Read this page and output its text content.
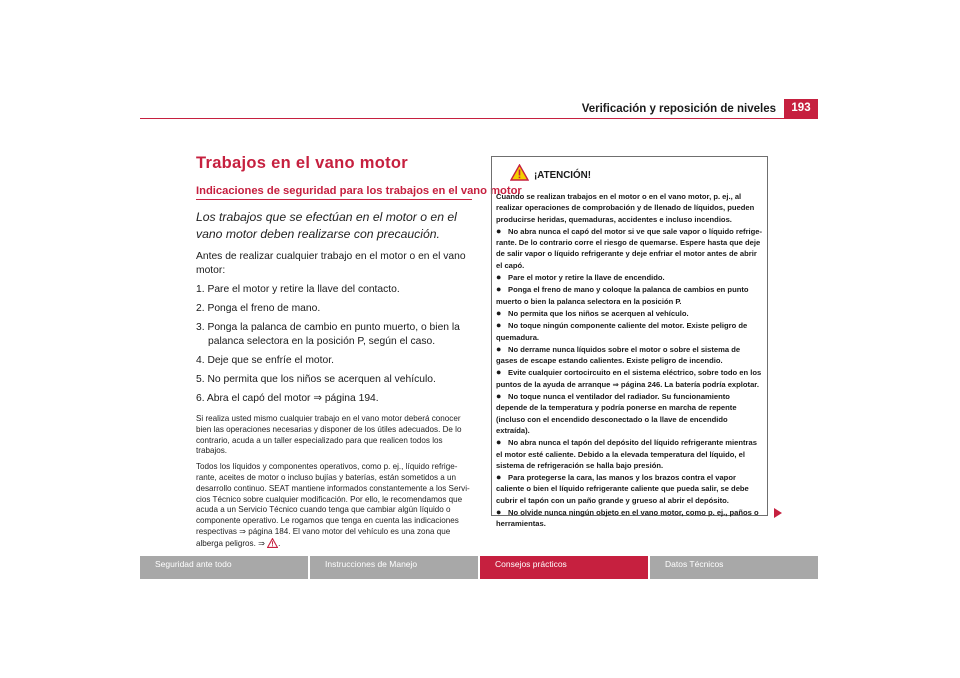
Verificación y reposición de niveles	193
Trabajos en el vano motor
Indicaciones de seguridad para los trabajos en el vano motor
Los trabajos que se efectúan en el motor o en el vano motor deben realizarse con precaución.
Antes de realizar cualquier trabajo en el motor o en el vano motor:
1. Pare el motor y retire la llave del contacto.
2. Ponga el freno de mano.
3. Ponga la palanca de cambio en punto muerto, o bien la palanca selectora en la posición P, según el caso.
4. Deje que se enfríe el motor.
5. No permita que los niños se acerquen al vehículo.
6. Abra el capó del motor ⇒ página 194.

Si realiza usted mismo cualquier trabajo en el vano motor deberá conocer bien las operaciones necesarias y disponer de los útiles adecuados. De lo contrario, acuda a un taller especializado para que realicen todos los trabajos.

Todos los líquidos y componentes operativos, como p. ej., líquido refrige-rante, aceites de motor o incluso bujías y baterías, están sometidos a un desarrollo continuo. SEAT mantiene informados constantemente a los Servi-cios Técnico sobre cualquier modificación. Por ello, le recomendamos que acuda a un Servicio Técnico cuando tenga que cambiar algún líquido o componente operativo. Le rogamos que tenga en cuenta las indicaciones respectivas ⇒ página 184. El vano motor del vehículo es una zona que alberga peligros. ⇒ .

¡ATENCIÓN!

Cuando se realizan trabajos en el motor o en el vano motor, p. ej., al realizar operaciones de comprobación y de llenado de líquidos, pueden producirse heridas, quemaduras, accidentes e incluso incendios.

● No abra nunca el capó del motor si ve que sale vapor o líquido refrige-rante. De lo contrario corre el riesgo de quemarse. Espere hasta que deje de salir vapor o líquido refrigerante y deje enfriar el motor antes de abrir el capó.

● Pare el motor y retire la llave de encendido.

● Ponga el freno de mano y coloque la palanca de cambios en punto muerto o bien la palanca selectora en la posición P.

● No permita que los niños se acerquen al vehículo.

● No toque ningún componente caliente del motor. Existe peligro de quemadura.

● No derrame nunca líquidos sobre el motor o sobre el sistema de gases de escape estando calientes. Existe peligro de incendio.

● Evite cualquier cortocircuito en el sistema eléctrico, sobre todo en los puntos de la ayuda de arranque ⇒ página 246. La batería podría explotar.

● No toque nunca el ventilador del radiador. Su funcionamiento depende de la temperatura y podría ponerse en marcha de repente (incluso con el encendido desconectado o la llave de encendido extraída).

● No abra nunca el tapón del depósito del líquido refrigerante mientras el motor esté caliente. Debido a la elevada temperatura del líquido, el sistema de refrigeración se halla bajo presión.

● Para protegerse la cara, las manos y los brazos contra el vapor caliente o bien el líquido refrigerante caliente que pueda salir, se debe cubrir el tapón con un paño grande y grueso al abrir el depósito.

● No olvide nunca ningún objeto en el vano motor, como p. ej., paños o herramientas.

Seguridad ante todo	Instrucciones de Manejo	Consejos prácticos	Datos Técnicos
